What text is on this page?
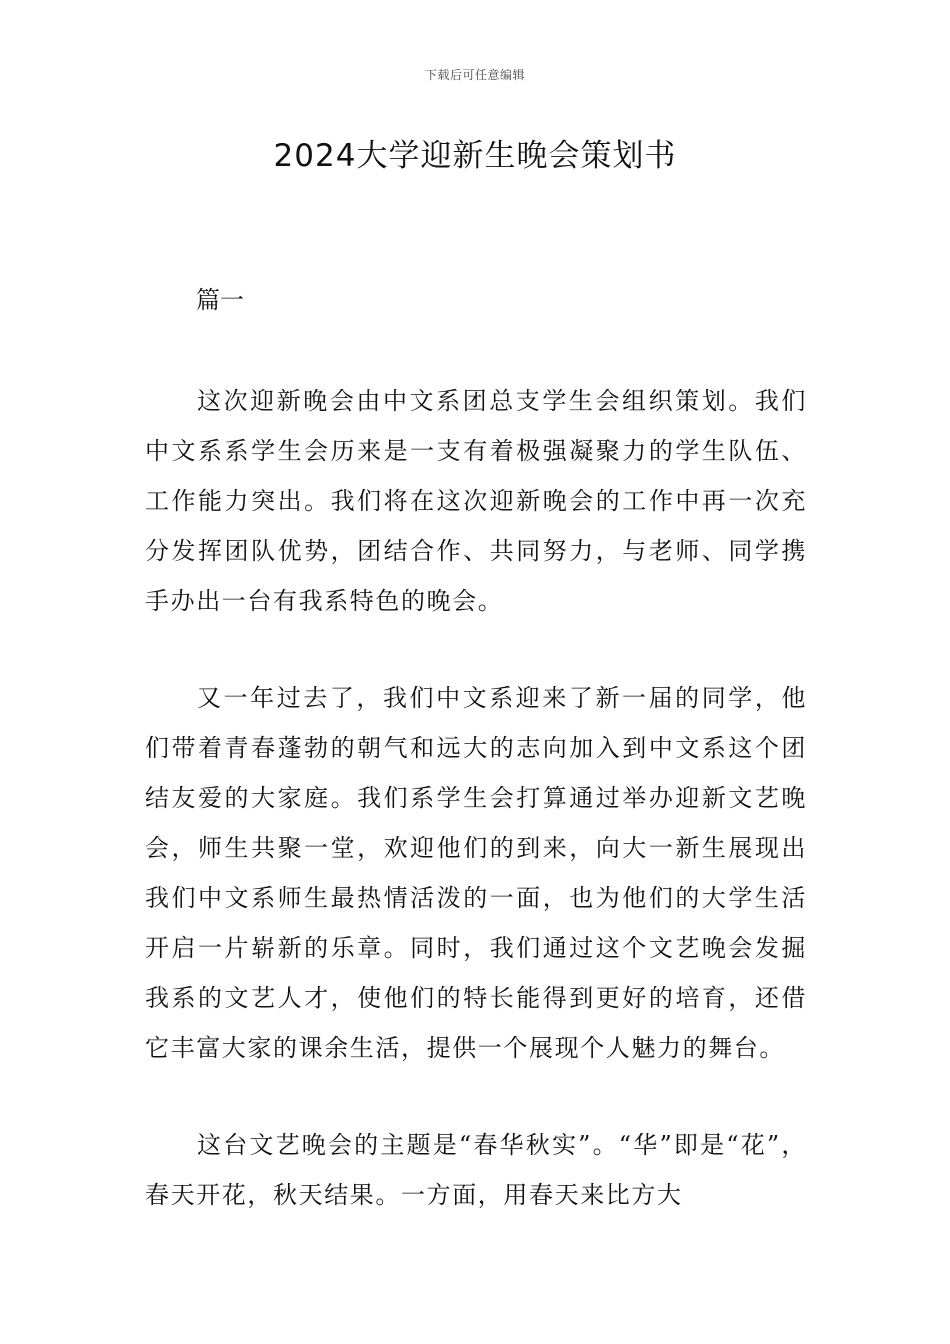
下载后可任意编辑
2024大学迎新生晚会策划书
篇一

这次迎新晚会由中文系团总支学生会组织策划。我们中文系系学生会历来是一支有着极强凝聚力的学生队伍、工作能力突出。我们将在这次迎新晚会的工作中再一次充分发挥团队优势，团结合作、共同努力，与老师、同学携手办出一台有我系特色的晚会。

又一年过去了，我们中文系迎来了新一届的同学，他们带着青春蓬勃的朝气和远大的志向加入到中文系这个团结友爱的大家庭。我们系学生会打算通过举办迎新文艺晚会，师生共聚一堂，欢迎他们的到来，向大一新生展现出我们中文系师生最热情活泼的一面，也为他们的大学生活开启一片崭新的乐章。同时，我们通过这个文艺晚会发掘我系的文艺人才，使他们的特长能得到更好的培育，还借它丰富大家的课余生活，提供一个展现个人魅力的舞台。

这台文艺晚会的主题是“春华秋实”。“华”即是“花”，春天开花，秋天结果。一方面，用春天来比方大
